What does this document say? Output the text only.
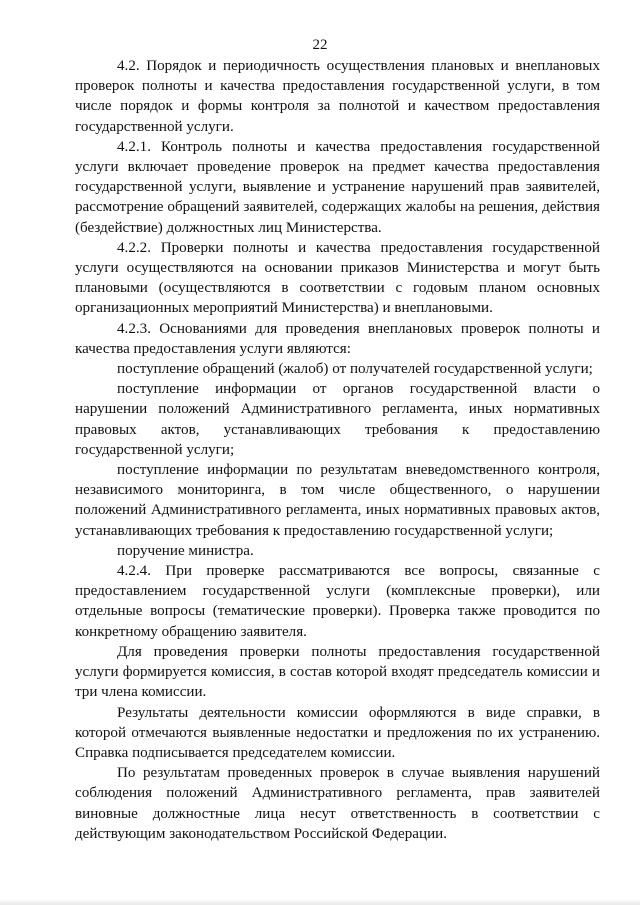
22

4.2. Порядок и периодичность осуществления плановых и внеплановых проверок полноты и качества предоставления государственной услуги, в том числе порядок и формы контроля за полнотой и качеством предоставления государственной услуги.

4.2.1. Контроль полноты и качества предоставления государственной услуги включает проведение проверок на предмет качества предоставления государственной услуги, выявление и устранение нарушений прав заявителей, рассмотрение обращений заявителей, содержащих жалобы на решения, действия (бездействие) должностных лиц Министерства.

4.2.2. Проверки полноты и качества предоставления государственной услуги осуществляются на основании приказов Министерства и могут быть плановыми (осуществляются в соответствии с годовым планом основных организационных мероприятий Министерства) и внеплановыми.

4.2.3. Основаниями для проведения внеплановых проверок полноты и качества предоставления услуги являются:

поступление обращений (жалоб) от получателей государственной услуги;

поступление информации от органов государственной власти о нарушении положений Административного регламента, иных нормативных правовых актов, устанавливающих требования к предоставлению государственной услуги;

поступление информации по результатам вневедомственного контроля, независимого мониторинга, в том числе общественного, о нарушении положений Административного регламента, иных нормативных правовых актов, устанавливающих требования к предоставлению государственной услуги;

поручение министра.

4.2.4. При проверке рассматриваются все вопросы, связанные с предоставлением государственной услуги (комплексные проверки), или отдельные вопросы (тематические проверки). Проверка также проводится по конкретному обращению заявителя.

Для проведения проверки полноты предоставления государственной услуги формируется комиссия, в состав которой входят председатель комиссии и три члена комиссии.

Результаты деятельности комиссии оформляются в виде справки, в которой отмечаются выявленные недостатки и предложения по их устранению. Справка подписывается председателем комиссии.

По результатам проведенных проверок в случае выявления нарушений соблюдения положений Административного регламента, прав заявителей виновные должностные лица несут ответственность в соответствии с действующим законодательством Российской Федерации.
